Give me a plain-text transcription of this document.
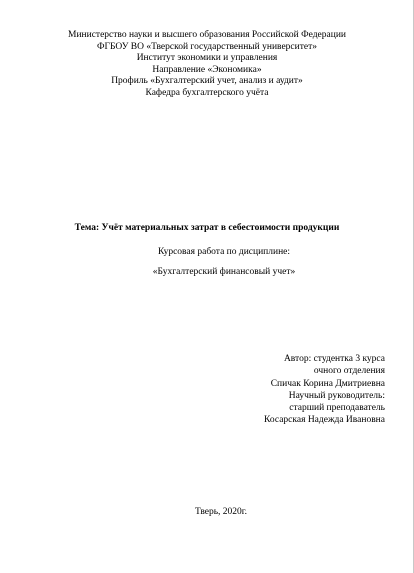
Министерство науки и высшего образования Российской Федерации
ФГБОУ ВО «Тверской государственный университет»
Институт экономики и управления
Направление «Экономика»
Профиль «Бухгалтерский учет, анализ и аудит»
Кафедра бухгалтерского учёта
Тема: Учёт материальных затрат в себестоимости продукции
Курсовая работа по дисциплине:
«Бухгалтерский финансовый учет»
Автор: студентка 3 курса
очного отделения
Спичак Корина Дмитриевна
Научный руководитель:
старший преподаватель
Косарская Надежда Ивановна
Тверь, 2020г.
